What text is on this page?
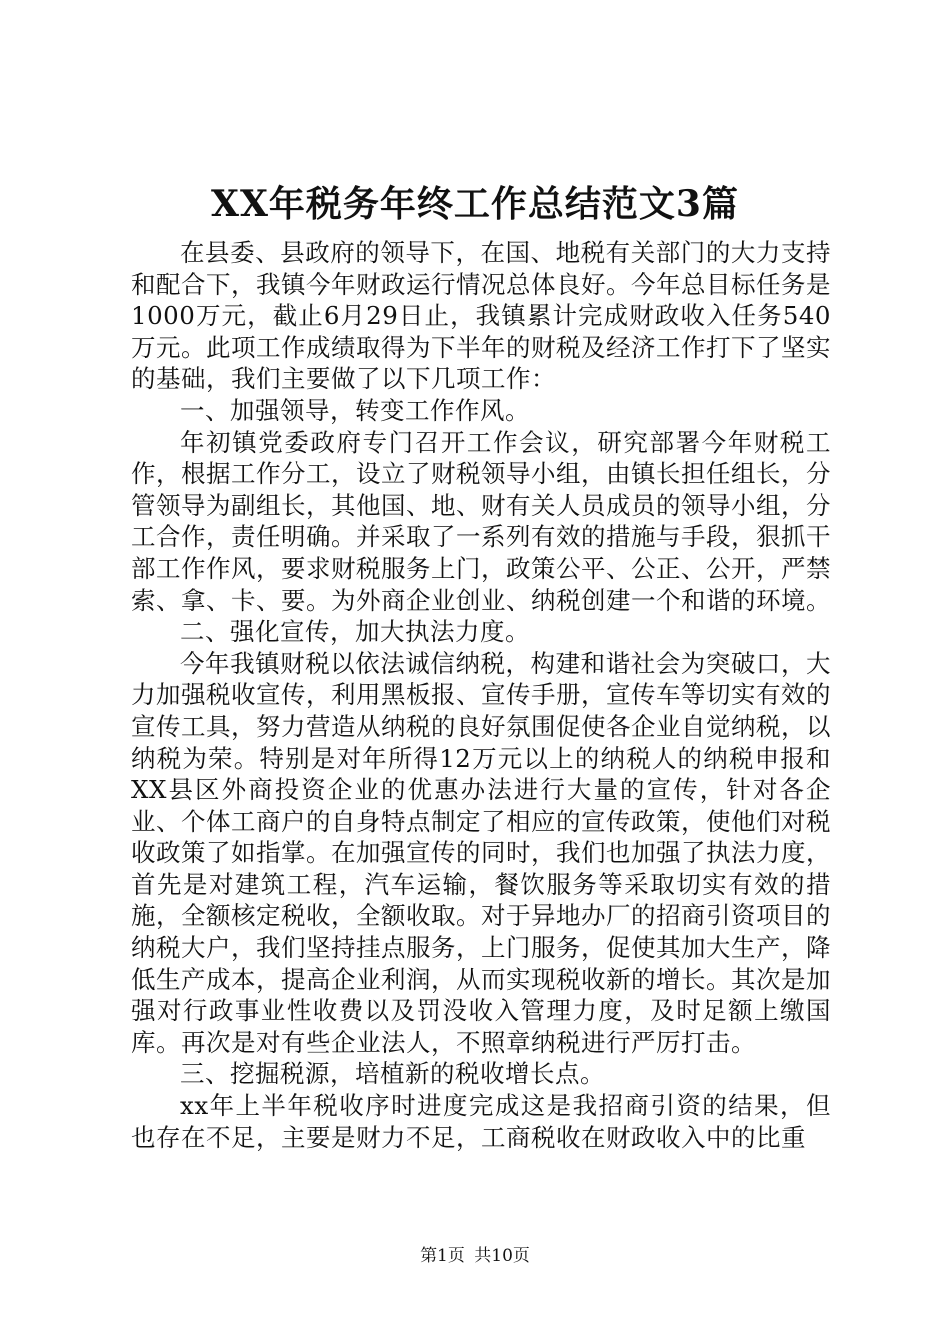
XX年税务年终工作总结范文3篇

在县委、县政府的领导下，在国、地税有关部门的大力支持和配合下，我镇今年财政运行情况总体良好。今年总目标任务是1000万元，截止6月29日止，我镇累计完成财政收入任务540万元。此项工作成绩取得为下半年的财税及经济工作打下了坚实的基础，我们主要做了以下几项工作：

一、加强领导，转变工作作风。

年初镇党委政府专门召开工作会议，研究部署今年财税工作，根据工作分工，设立了财税领导小组，由镇长担任组长，分管领导为副组长，其他国、地、财有关人员成员的领导小组，分工合作，责任明确。并采取了一系列有效的措施与手段，狠抓干部工作作风，要求财税服务上门，政策公平、公正、公开，严禁索、拿、卡、要。为外商企业创业、纳税创建一个和谐的环境。

二、强化宣传，加大执法力度。

今年我镇财税以依法诚信纳税，构建和谐社会为突破口，大力加强税收宣传，利用黑板报、宣传手册，宣传车等切实有效的宣传工具，努力营造从纳税的良好氛围促使各企业自觉纳税，以纳税为荣。特别是对年所得12万元以上的纳税人的纳税申报和XX县区外商投资企业的优惠办法进行大量的宣传，针对各企业、个体工商户的自身特点制定了相应的宣传政策，使他们对税收政策了如指掌。在加强宣传的同时，我们也加强了执法力度，首先是对建筑工程，汽车运输，餐饮服务等采取切实有效的措施，全额核定税收，全额收取。对于异地办厂的招商引资项目的纳税大户，我们坚持挂点服务，上门服务，促使其加大生产，降低生产成本，提高企业利润，从而实现税收新的增长。其次是加强对行政事业性收费以及罚没收入管理力度，及时足额上缴国库。再次是对有些企业法人，不照章纳税进行严厉打击。

三、挖掘税源，培植新的税收增长点。

xx年上半年税收序时进度完成这是我招商引资的结果，但也存在不足，主要是财力不足，工商税收在财政收入中的比重

第1页 共10页
